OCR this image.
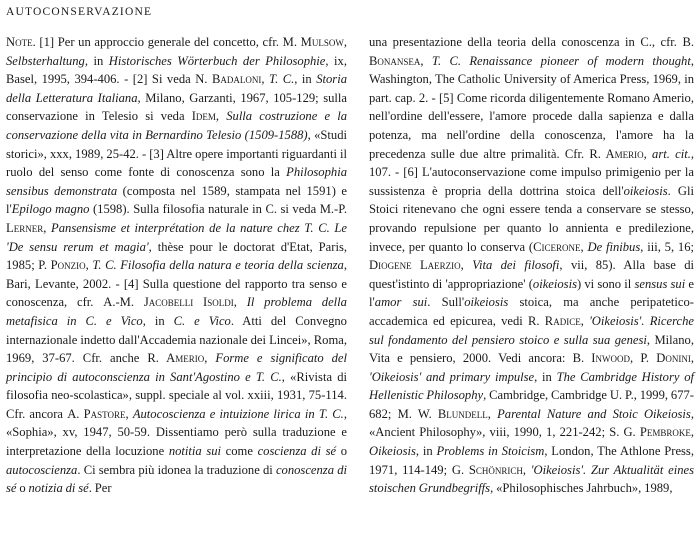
AUTOCONSERVAZIONE

Note. [1] Per un approccio generale del concetto, cfr. M. Mulsow, Selbsterhaltung, in Historisches Wörterbuch der Philosophie, ix, Basel, 1995, 394-406. - [2] Si veda N. Badaloni, T. C., in Storia della Letteratura Italiana, Milano, Garzanti, 1967, 105-129; sulla conservazione in Telesio si veda Idem, Sulla costruzione e la conservazione della vita in Bernardino Telesio (1509-1588), «Studi storici», xxx, 1989, 25-42. - [3] Altre opere importanti riguardanti il ruolo del senso come fonte di conoscenza sono la Philosophia sensibus demonstrata (composta nel 1589, stampata nel 1591) e l'Epilogo magno (1598). Sulla filosofia naturale in C. si veda M.-P. Lerner, Pansensisme et interprétation de la nature chez T. C. Le 'De sensu rerum et magia', thèse pour le doctorat d'Etat, Paris, 1985; P. Ponzio, T. C. Filosofia della natura e teoria della scienza, Bari, Levante, 2002. - [4] Sulla questione del rapporto tra senso e conoscenza, cfr. A.-M. Jacobelli Isoldi, Il problema della metafisica in C. e Vico, in C. e Vico. Atti del Convegno internazionale indetto dall'Accademia nazionale dei Lincei», Roma, 1969, 37-67. Cfr. anche R. Amerio, Forme e significato del principio di autoconscienza in Sant'Agostino e T. C., «Rivista di filosofia neo-scolastica», suppl. speciale al vol. xxiii, 1931, 75-114. Cfr. ancora A. Pastore, Autocoscienza e intuizione lirica in T. C., «Sophia», xv, 1947, 50-59. Dissentiamo però sulla traduzione e interpretazione della locuzione notitia sui come coscienza di sé o autocoscienza. Ci sembra più idonea la traduzione di conoscenza di sé o notizia di sé. Per

una presentazione della teoria della conoscenza in C., cfr. B. Bonansea, T. C. Renaissance pioneer of modern thought, Washington, The Catholic University of America Press, 1969, in part. cap. 2. - [5] Come ricorda diligentemente Romano Amerio, nell'ordine dell'essere, l'amore procede dalla sapienza e dalla potenza, ma nell'ordine della conoscenza, l'amore ha la precedenza sulle due altre primalità. Cfr. R. Amerio, art. cit., 107. - [6] L'autoconservazione come impulso primigenio per la sussistenza è propria della dottrina stoica dell'oikeiosis. Gli Stoici ritenevano che ogni essere tenda a conservare se stesso, provando repulsione per quanto lo annienta e predilezione, invece, per quanto lo conserva (Cicerone, De finibus, iii, 5, 16; Diogene Laerzio, Vita dei filosofi, vii, 85). Alla base di quest'istinto di 'appropriazione' (oikeiosis) vi sono il sensus sui e l'amor sui. Sull'oikeiosis stoica, ma anche peripatetico-accademica ed epicurea, vedi R. Radice, 'Oikeiosis'. Ricerche sul fondamento del pensiero stoico e sulla sua genesi, Milano, Vita e pensiero, 2000. Vedi ancora: B. Inwood, P. Donini, 'Oikeiosis' and primary impulse, in The Cambridge History of Hellenistic Philosophy, Cambridge, Cambridge U. P., 1999, 677-682; M. W. Blundell, Parental Nature and Stoic Oikeiosis, «Ancient Philosophy», viii, 1990, 1, 221-242; S. G. Pembroke, Oikeiosis, in Problems in Stoicism, London, The Athlone Press, 1971, 114-149; G. Schönrich, 'Oikeiosis'. Zur Aktualität eines stoischen Grundbegriffs, «Philosophisches Jahrbuch», 1989,
